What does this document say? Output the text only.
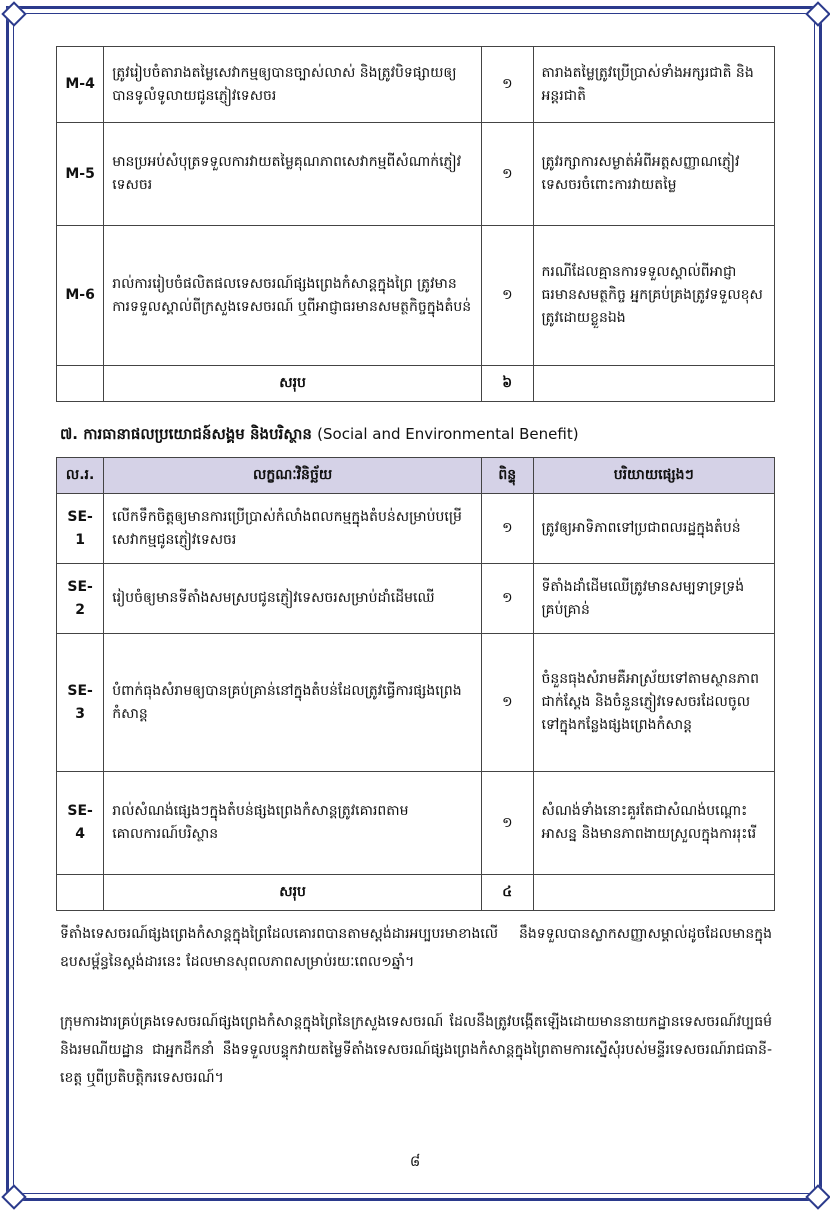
M-4	ត្រូវរៀបចំតារាងតម្លៃសេវាកម្មឲ្យបានច្បាស់លាស់ និងត្រូវបិទផ្សាយឲ្យបានទូលំទូលាយជូនភ្ញៀវទេសចរ	១	តារាងតម្លៃត្រូវប្រើប្រាស់ទាំងអក្សរជាតិ និងអន្តរជាតិ
M-5	មានប្រអប់សំបុត្រទទួលការវាយតម្លៃគុណភាពសេវាកម្មពីសំណាក់ភ្ញៀវទេសចរ	១	ត្រូវរក្សាការសម្ងាត់អំពីអត្តសញ្ញាណភ្ញៀវទេសចរចំពោះការវាយតម្លៃ
M-6	រាល់ការរៀបចំផលិតផលទេសចរណ៍ផ្សងព្រេងកំសាន្តក្នុងព្រៃ ត្រូវមានការទទួលស្គាល់ពីក្រសួងទេសចរណ៍ ឬពីអាជ្ញាធរមានសមត្ថកិច្ចក្នុងតំបន់	១	ករណីដែលគ្មានការទទួលស្គាល់ពីអាជ្ញាធរមានសមត្ថកិច្ច អ្នកគ្រប់គ្រងត្រូវទទួលខុសត្រូវដោយខ្លួនឯង
	សរុប	៦	
៧. ការធានាផលប្រយោជន៍សង្គម និងបរិស្ថាន (Social and Environmental Benefit)
ល.រ.	លក្ខណៈវិនិច្ឆ័យ	ពិន្ទុ	បរិយាយផ្សេងៗ
SE-1	លើកទឹកចិត្តឲ្យមានការប្រើប្រាស់កំលាំងពលកម្មក្នុងតំបន់សម្រាប់បម្រើសេវាកម្មជូនភ្ញៀវទេសចរ	១	ត្រូវឲ្យអាទិភាពទៅប្រជាពលរដ្ឋក្នុងតំបន់
SE-2	រៀបចំឲ្យមានទីតាំងសមស្របជូនភ្ញៀវទេសចរសម្រាប់ដាំដើមឈើ	១	ទីតាំងដាំដើមឈើត្រូវមានសម្បទាទ្រទ្រង់គ្រប់គ្រាន់
SE-3	បំពាក់ធុងសំរាមឲ្យបានគ្រប់គ្រាន់នៅក្នុងតំបន់ដែលត្រូវធ្វើការផ្សងព្រេងកំសាន្ត	១	ចំនួនធុងសំរាមគឺអាស្រ័យទៅតាមស្ថានភាពជាក់ស្តែង និងចំនួនភ្ញៀវទេសចរដែលចូលទៅក្នុងកន្លែងផ្សងព្រេងកំសាន្ត
SE-4	រាល់សំណង់ផ្សេងៗក្នុងតំបន់ផ្សងព្រេងកំសាន្តត្រូវគោរពតាមគោលការណ៍បរិស្ថាន	១	សំណង់ទាំងនោះគួរតែជាសំណង់បណ្តោះអាសន្ន និងមានភាពងាយស្រួលក្នុងការរុះរើ
	សរុប	៤	

ទីតាំងទេសចរណ៍ផ្សងព្រេងកំសាន្តក្នុងព្រៃដែលគោរពបានតាមស្តង់ដារអប្បបរមាខាងលើ នឹងទទួលបានស្លាកសញ្ញាសម្គាល់ដូចដែលមានក្នុងឧបសម្ព័ន្ធនៃស្តង់ដារនេះ ដែលមានសុពលភាពសម្រាប់រយៈពេល១ឆ្នាំ។

ក្រុមការងារគ្រប់គ្រងទេសចរណ៍ផ្សងព្រេងកំសាន្តក្នុងព្រៃនៃក្រសួងទេសចរណ៍ ដែលនឹងត្រូវបង្កើតឡើងដោយមាននាយកដ្ឋានទេសចរណ៍វប្បធម៌ និងរមណីយដ្ឋាន ជាអ្នកដឹកនាំ នឹងទទួលបន្ទុកវាយតម្លៃទីតាំងទេសចរណ៍ផ្សងព្រេងកំសាន្តក្នុងព្រៃតាមការស្នើសុំរបស់មន្ទីរទេសចរណ៍រាជធានី-ខេត្ត ឬពីប្រតិបត្តិករទេសចរណ៍។

៨
